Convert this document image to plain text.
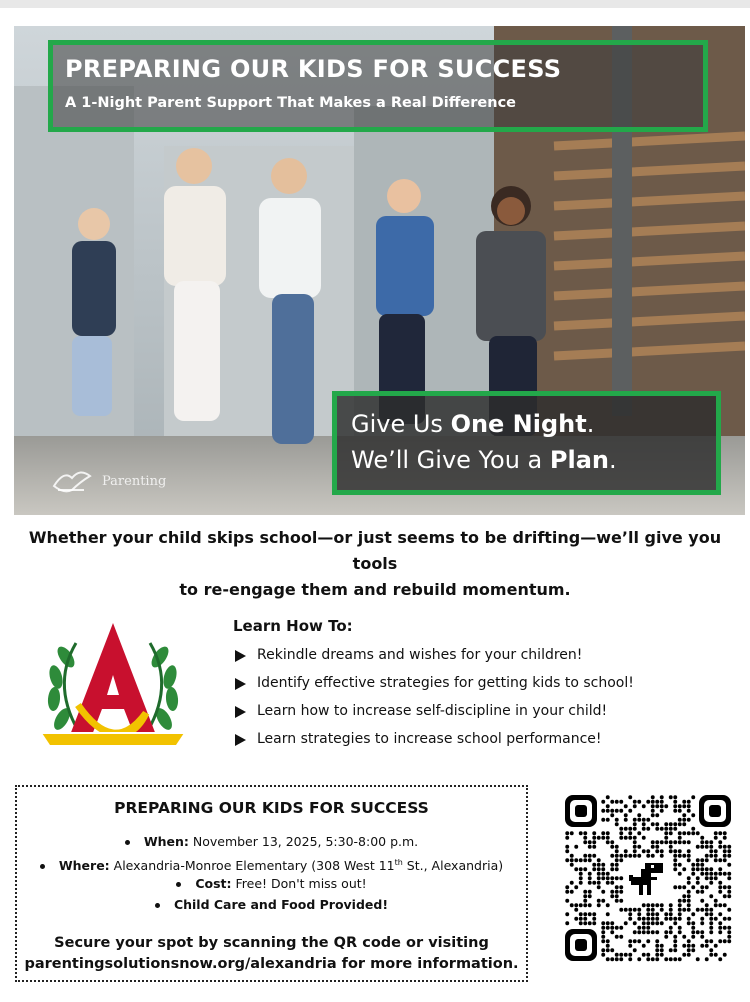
PREPARING OUR KIDS FOR SUCCESS
A 1-Night Parent Support That Makes a Real Difference
Give Us One Night.
We’ll Give You a Plan.
Parenting
Whether your child skips school—or just seems to be drifting—we’ll give you tools
to re-engage them and rebuild momentum.
Learn How To:
Rekindle dreams and wishes for your children!
Identify effective strategies for getting kids to school!
Learn how to increase self-discipline in your child!
Learn strategies to increase school performance!
PREPARING OUR KIDS FOR SUCCESS
When: November 13, 2025, 5:30-8:00 p.m.
Where: Alexandria-Monroe Elementary (308 West 11th St., Alexandria)
Cost: Free! Don't miss out!
Child Care and Food Provided!
Secure your spot by scanning the QR code or visiting
parentingsolutionsnow.org/alexandria for more information.
